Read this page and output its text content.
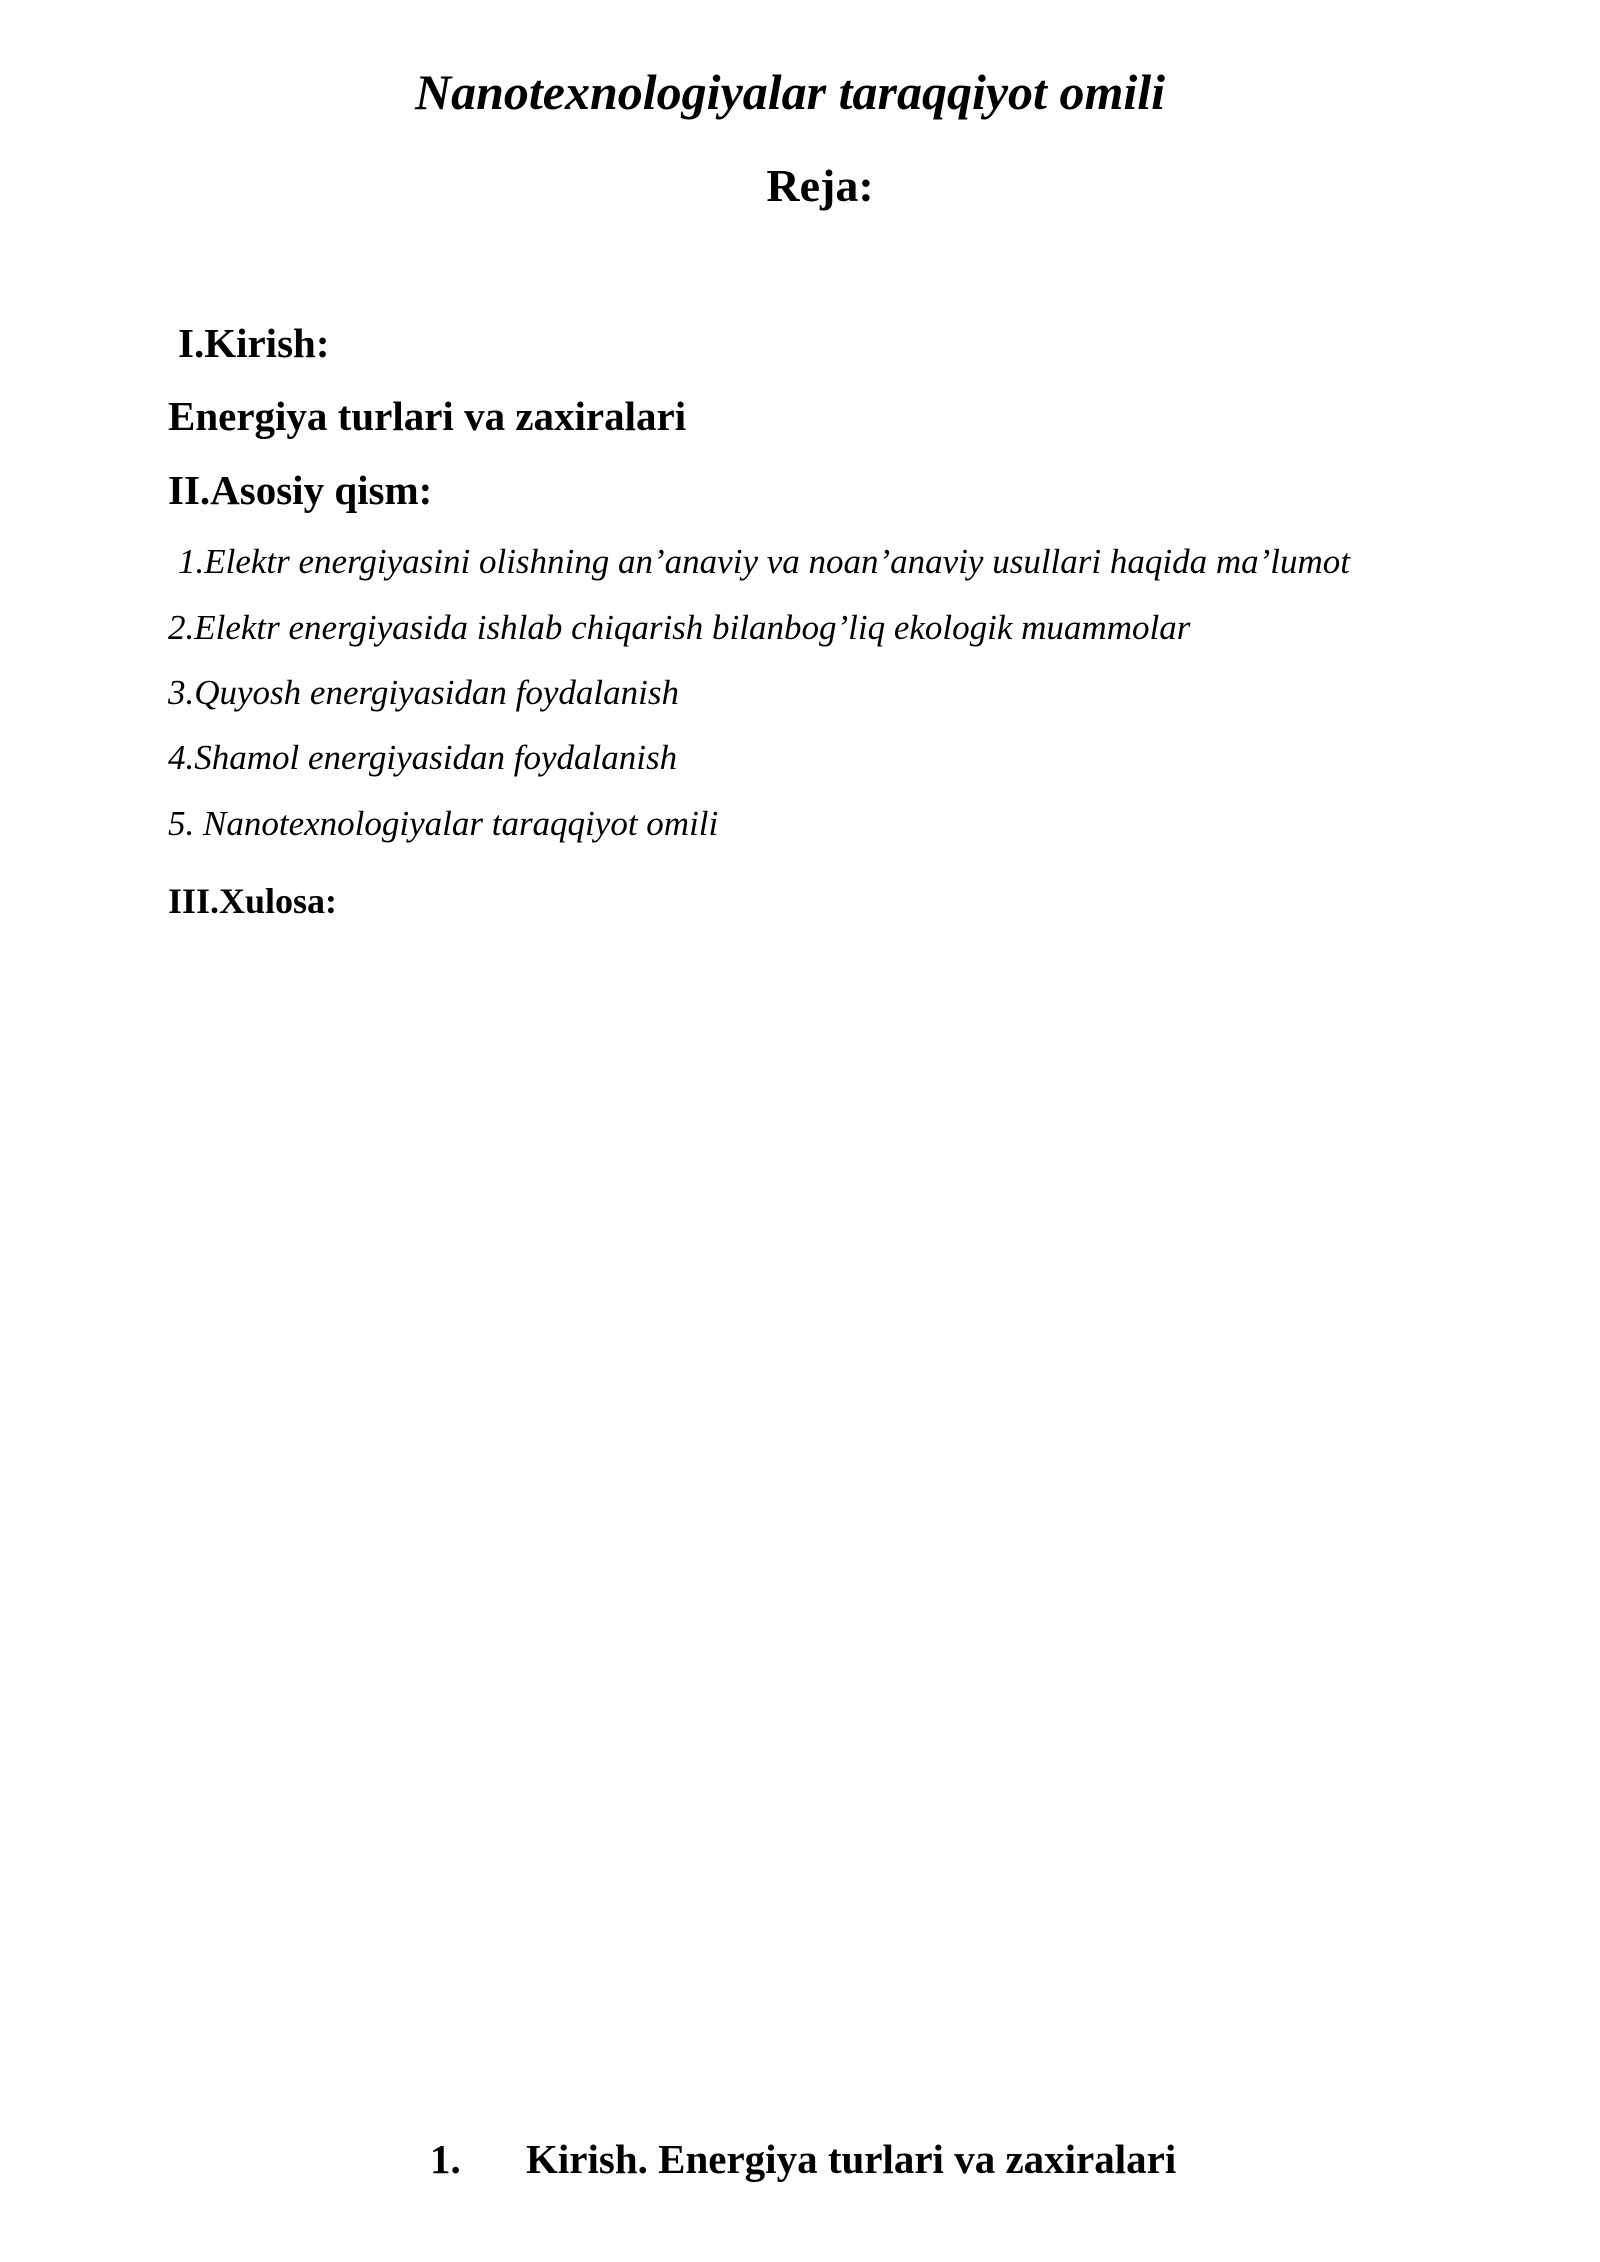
Nanotexnologiyalar taraqqiyot omili
Reja:
I.Kirish:
Energiya turlari va zaxiralari
II.Asosiy qism:
1.Elektr energiyasini olishning an’anaviy va noan’anaviy usullari haqida ma’lumot
2.Elektr energiyasida ishlab chiqarish bilanbog’liq ekologik muammolar
3.Quyosh energiyasidan foydalanish
4.Shamol energiyasidan foydalanish
5. Nanotexnologiyalar taraqqiyot omili
III.Xulosa:
1. Kirish. Energiya turlari va zaxiralari
